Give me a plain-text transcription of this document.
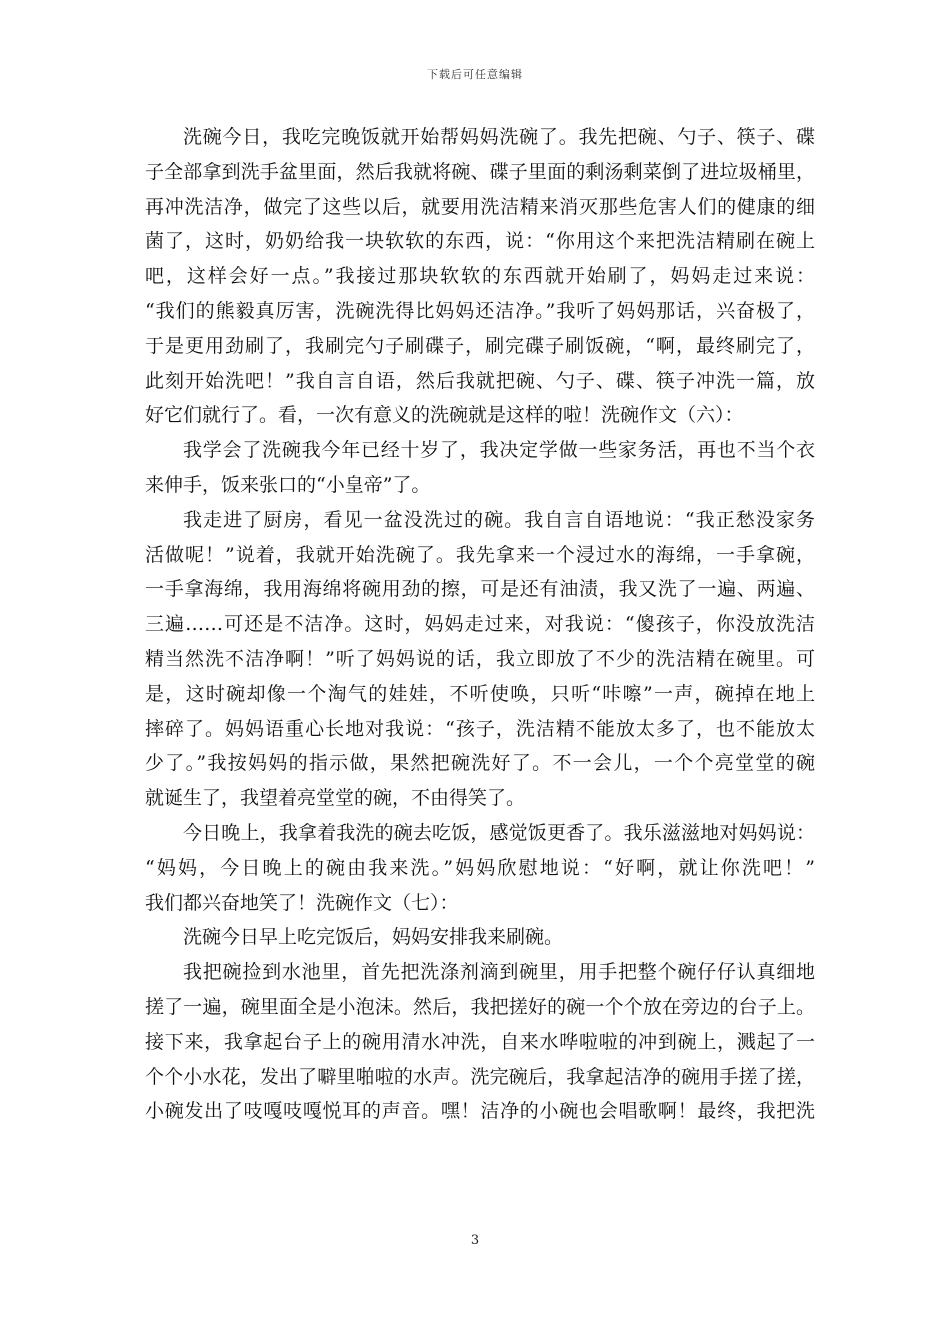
下载后可任意编辑
洗碗今日，我吃完晚饭就开始帮妈妈洗碗了。我先把碗、勺子、筷子、碟
子全部拿到洗手盆里面，然后我就将碗、碟子里面的剩汤剩菜倒了进垃圾桶里，
再冲洗洁净，做完了这些以后，就要用洗洁精来消灭那些危害人们的健康的细
菌了，这时，奶奶给我一块软软的东西，说：“你用这个来把洗洁精刷在碗上
吧，这样会好一点。”我接过那块软软的东西就开始刷了，妈妈走过来说：
“我们的熊毅真厉害，洗碗洗得比妈妈还洁净。”我听了妈妈那话，兴奋极了，
于是更用劲刷了，我刷完勺子刷碟子，刷完碟子刷饭碗，“啊，最终刷完了，
此刻开始洗吧！”我自言自语，然后我就把碗、勺子、碟、筷子冲洗一篇，放
好它们就行了。看，一次有意义的洗碗就是这样的啦！洗碗作文（六）：
我学会了洗碗我今年已经十岁了，我决定学做一些家务活，再也不当个衣
来伸手，饭来张口的“小皇帝”了。
我走进了厨房，看见一盆没洗过的碗。我自言自语地说：“我正愁没家务
活做呢！”说着，我就开始洗碗了。我先拿来一个浸过水的海绵，一手拿碗，
一手拿海绵，我用海绵将碗用劲的擦，可是还有油渍，我又洗了一遍、两遍、
三遍……可还是不洁净。这时，妈妈走过来，对我说：“傻孩子，你没放洗洁
精当然洗不洁净啊！”听了妈妈说的话，我立即放了不少的洗洁精在碗里。可
是，这时碗却像一个淘气的娃娃，不听使唤，只听“咔嚓”一声，碗掉在地上
摔碎了。妈妈语重心长地对我说：“孩子，洗洁精不能放太多了，也不能放太
少了。”我按妈妈的指示做，果然把碗洗好了。不一会儿，一个个亮堂堂的碗
就诞生了，我望着亮堂堂的碗，不由得笑了。
今日晚上，我拿着我洗的碗去吃饭，感觉饭更香了。我乐滋滋地对妈妈说：
“妈妈，今日晚上的碗由我来洗。”妈妈欣慰地说：“好啊，就让你洗吧！”
我们都兴奋地笑了！洗碗作文（七）：
洗碗今日早上吃完饭后，妈妈安排我来刷碗。
我把碗捡到水池里，首先把洗涤剂滴到碗里，用手把整个碗仔仔认真细地
搓了一遍，碗里面全是小泡沫。然后，我把搓好的碗一个个放在旁边的台子上。
接下来，我拿起台子上的碗用清水冲洗，自来水哗啦啦的冲到碗上，溅起了一
个个小水花，发出了噼里啪啦的水声。洗完碗后，我拿起洁净的碗用手搓了搓，
小碗发出了吱嘎吱嘎悦耳的声音。嘿！洁净的小碗也会唱歌啊！最终，我把洗
3
